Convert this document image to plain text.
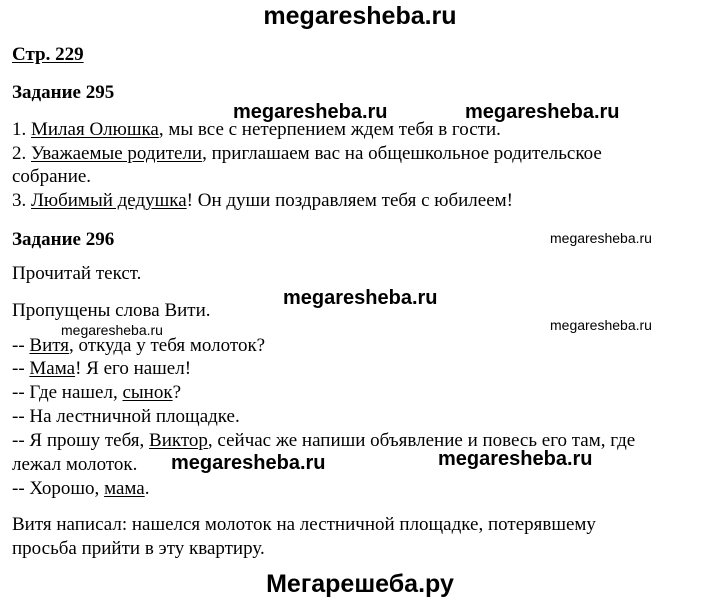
megaresheba.ru
Стр. 229
Задание 295
1. Милая Олюшка, мы все с нетерпением ждем тебя в гости.
2. Уважаемые родители, приглашаем вас на общешкольное родительское
собрание.
3. Любимый дедушка! Он души поздравляем тебя с юбилеем!
Задание 296
Прочитай текст.
Пропущены слова Вити.
-- Витя, откуда у тебя молоток?
-- Мама! Я его нашел!
-- Где нашел, сынок?
-- На лестничной площадке.
-- Я прошу тебя, Виктор, сейчас же напиши объявление и повесь его там, где
лежал молоток.
-- Хорошо, мама.
Витя написал: нашелся молоток на лестничной площадке, потерявшему
просьба прийти в эту квартиру.
megaresheba.ru	megaresheba.ru
megaresheba.ru
megaresheba.ru
megaresheba.ru	megaresheba.ru
megaresheba.ru	megaresheba.ru
Мегарешеба.ру
